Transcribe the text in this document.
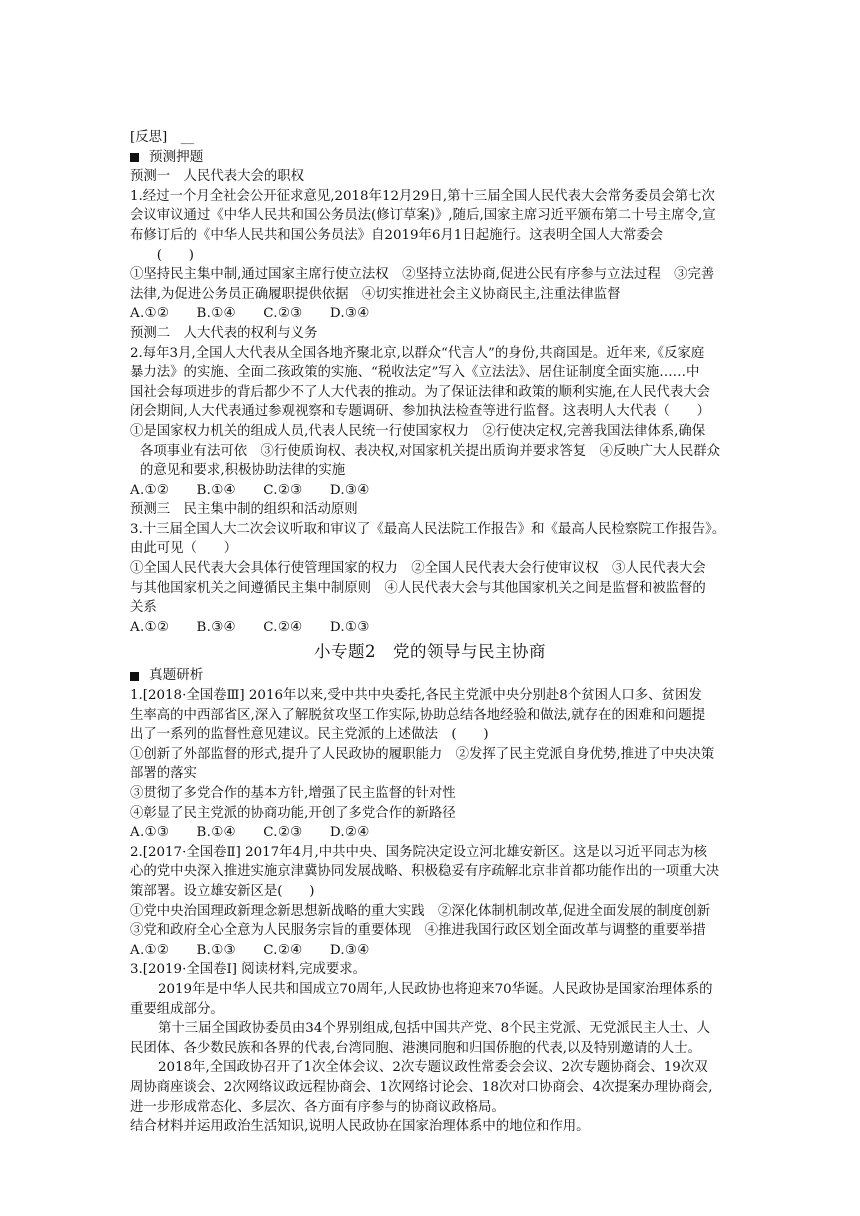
[反思]　__

预测押题

预测一　人民代表大会的职权

1.经过一个月全社会公开征求意见,2018年12月29日,第十三届全国人民代表大会常务委员会第七次

会议审议通过《中华人民共和国公务员法(修订草案)》,随后,国家主席习近平颁布第二十号主席令,宣

布修订后的《中华人民共和国公务员法》自2019年6月1日起施行。这表明全国人大常委会

　　(　　)

①坚持民主集中制,通过国家主席行使立法权　②坚持立法协商,促进公民有序参与立法过程　③完善

法律,为促进公务员正确履职提供依据　④切实推进社会主义协商民主,注重法律监督

A.①②　　B.①④　　C.②③　　D.③④

预测二　人大代表的权利与义务

2.每年3月,全国人大代表从全国各地齐聚北京,以群众“代言人”的身份,共商国是。近年来,《反家庭

暴力法》的实施、全面二孩政策的实施、“税收法定”写入《立法法》、居住证制度全面实施……中

国社会每项进步的背后都少不了人大代表的推动。为了保证法律和政策的顺利实施,在人民代表大会

闭会期间,人大代表通过参观视察和专题调研、参加执法检查等进行监督。这表明人大代表（　　）

①是国家权力机关的组成人员,代表人民统一行使国家权力　②行使决定权,完善我国法律体系,确保

各项事业有法可依　③行使质询权、表决权,对国家机关提出质询并要求答复　④反映广大人民群众

的意见和要求,积极协助法律的实施

A.①②　　B.①④　　C.②③　　D.③④

预测三　民主集中制的组织和活动原则

3.十三届全国人大二次会议听取和审议了《最高人民法院工作报告》和《最高人民检察院工作报告》。

由此可见（　　）

①全国人民代表大会具体行使管理国家的权力　②全国人民代表大会行使审议权　③人民代表大会

与其他国家机关之间遵循民主集中制原则　④人民代表大会与其他国家机关之间是监督和被监督的

关系

A.①②　　B.③④　　C.②④　　D.①③

小专题2　党的领导与民主协商

真题研析

1.[2018·全国卷Ⅲ] 2016年以来,受中共中央委托,各民主党派中央分别赴8个贫困人口多、贫困发

生率高的中西部省区,深入了解脱贫攻坚工作实际,协助总结各地经验和做法,就存在的困难和问题提

出了一系列的监督性意见建议。民主党派的上述做法　(　　)

①创新了外部监督的形式,提升了人民政协的履职能力　②发挥了民主党派自身优势,推进了中央决策

部署的落实

③贯彻了多党合作的基本方针,增强了民主监督的针对性

④彰显了民主党派的协商功能,开创了多党合作的新路径

A.①③　　B.①④　　C.②③　　D.②④

2.[2017·全国卷Ⅱ] 2017年4月,中共中央、国务院决定设立河北雄安新区。这是以习近平同志为核

心的党中央深入推进实施京津冀协同发展战略、积极稳妥有序疏解北京非首都功能作出的一项重大决

策部署。设立雄安新区是(　　)

①党中央治国理政新理念新思想新战略的重大实践　②深化体制机制改革,促进全面发展的制度创新

③党和政府全心全意为人民服务宗旨的重要体现　④推进我国行政区划全面改革与调整的重要举措

A.①②　　B.①③　　C.②④　　D.③④

3.[2019·全国卷Ⅰ] 阅读材料,完成要求。

2019年是中华人民共和国成立70周年,人民政协也将迎来70华诞。人民政协是国家治理体系的

重要组成部分。

第十三届全国政协委员由34个界别组成,包括中国共产党、8个民主党派、无党派民主人士、人

民团体、各少数民族和各界的代表,台湾同胞、港澳同胞和归国侨胞的代表,以及特别邀请的人士。

2018年,全国政协召开了1次全体会议、2次专题议政性常委会会议、2次专题协商会、19次双

周协商座谈会、2次网络议政远程协商会、1次网络讨论会、18次对口协商会、4次提案办理协商会,

进一步形成常态化、多层次、各方面有序参与的协商议政格局。

结合材料并运用政治生活知识,说明人民政协在国家治理体系中的地位和作用。
